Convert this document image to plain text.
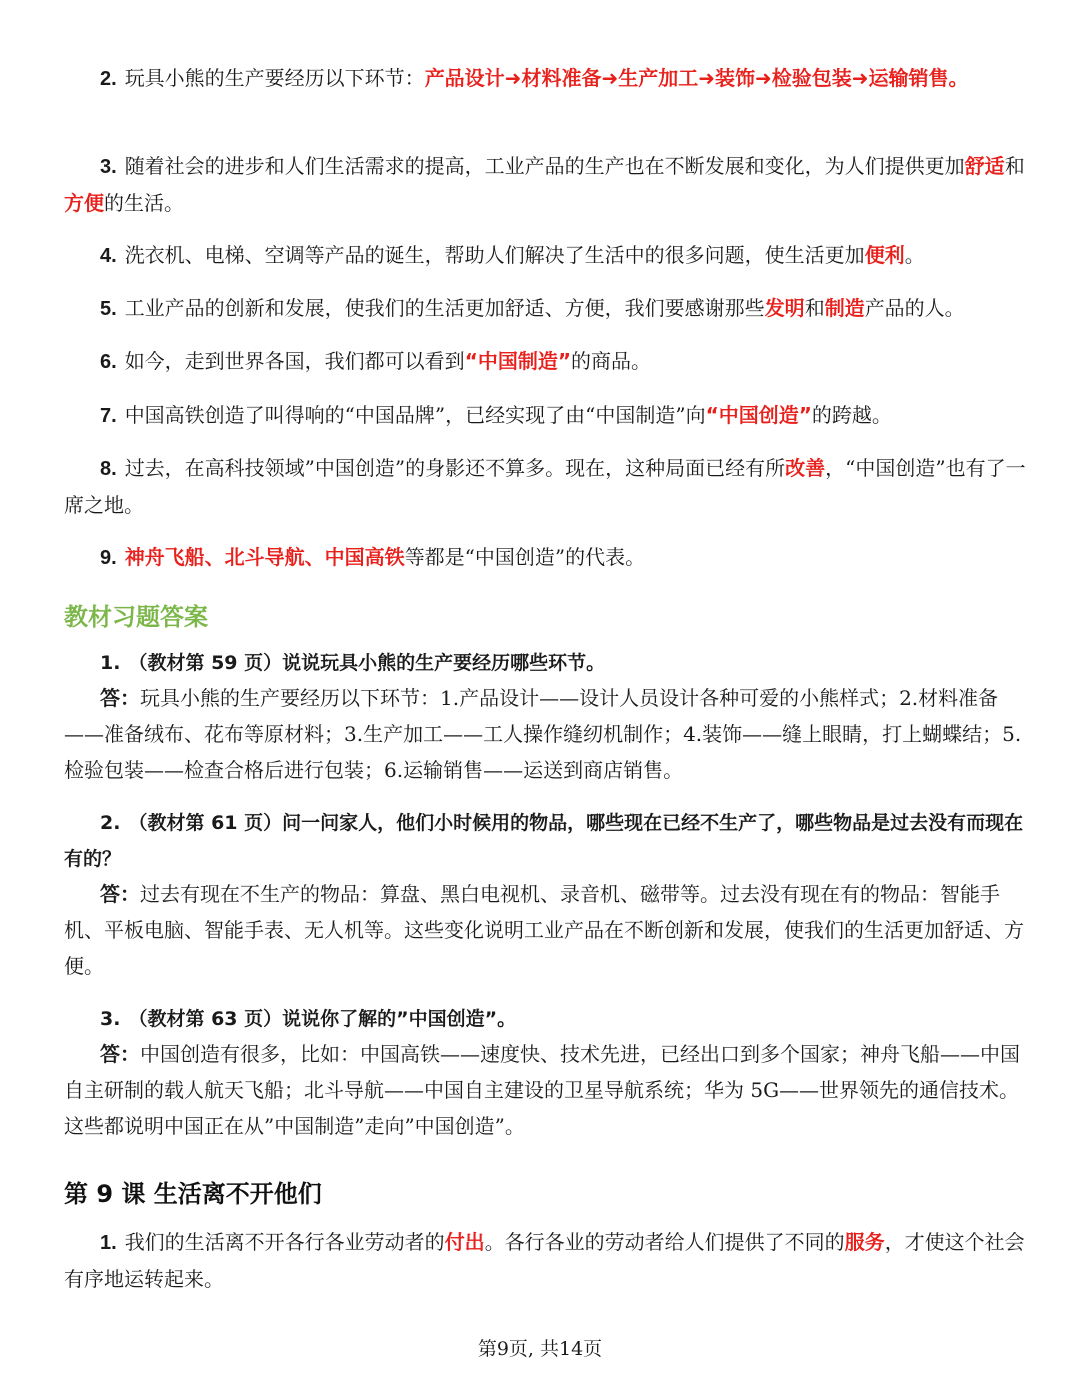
2. 玩具小熊的生产要经历以下环节：产品设计➜材料准备➜生产加工➜装饰➜检验包装➜运输销售。
3. 随着社会的进步和人们生活需求的提高，工业产品的生产也在不断发展和变化，为人们提供更加舒适和方便的生活。
4. 洗衣机、电梯、空调等产品的诞生，帮助人们解决了生活中的很多问题，使生活更加便利。
5. 工业产品的创新和发展，使我们的生活更加舒适、方便，我们要感谢那些发明和制造产品的人。
6. 如今，走到世界各国，我们都可以看到“中国制造”的商品。
7. 中国高铁创造了叫得响的“中国品牌”，已经实现了由“中国制造”向“中国创造”的跨越。
8. 过去，在高科技领域”中国创造”的身影还不算多。现在，这种局面已经有所改善，“中国创造”也有了一席之地。
9. 神舟飞船、北斗导航、中国高铁等都是“中国创造”的代表。
教材习题答案
1. （教材第 59 页）说说玩具小熊的生产要经历哪些环节。
答：玩具小熊的生产要经历以下环节：1.产品设计——设计人员设计各种可爱的小熊样式；2.材料准备——准备绒布、花布等原材料；3.生产加工——工人操作缝纫机制作；4.装饰——缝上眼睛，打上蝴蝶结；5.检验包装——检查合格后进行包装；6.运输销售——运送到商店销售。
2. （教材第 61 页）问一问家人，他们小时候用的物品，哪些现在已经不生产了，哪些物品是过去没有而现在有的？
答：过去有现在不生产的物品：算盘、黑白电视机、录音机、磁带等。过去没有现在有的物品：智能手机、平板电脑、智能手表、无人机等。这些变化说明工业产品在不断创新和发展，使我们的生活更加舒适、方便。
3. （教材第 63 页）说说你了解的”中国创造”。
答：中国创造有很多，比如：中国高铁——速度快、技术先进，已经出口到多个国家；神舟飞船——中国自主研制的载人航天飞船；北斗导航——中国自主建设的卫星导航系统；华为 5G——世界领先的通信技术。这些都说明中国正在从”中国制造”走向”中国创造”。
第 9 课 生活离不开他们
1. 我们的生活离不开各行各业劳动者的付出。各行各业的劳动者给人们提供了不同的服务，才使这个社会有序地运转起来。
第9页, 共14页
